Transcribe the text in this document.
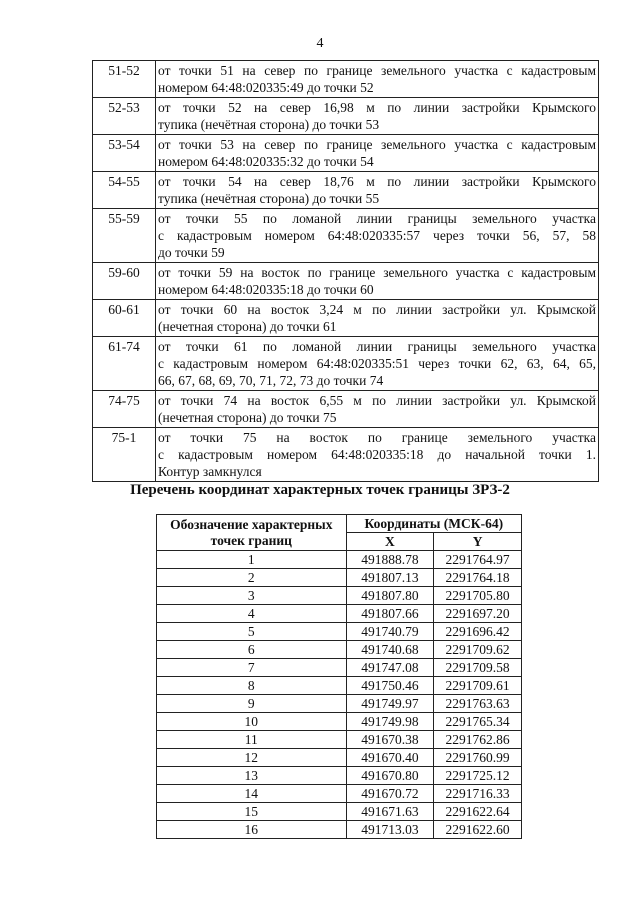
4
51-52	от точки 51 на север по границе земельного участка с кадастровым
номером 64:48:020335:49 до точки 52

52-53	от точки 52 на север 16,98 м по линии застройки Крымского
тупика (нечётная сторона) до точки 53

53-54	от точки 53 на север по границе земельного участка с кадастровым
номером 64:48:020335:32 до точки 54

54-55	от точки 54 на север 18,76 м по линии застройки Крымского
тупика (нечётная сторона) до точки 55

55-59	от точки 55 по ломаной линии границы земельного участка
с кадастровым номером 64:48:020335:57 через точки 56, 57, 58
до точки 59

59-60	от точки 59 на восток по границе земельного участка с кадастровым
номером 64:48:020335:18 до точки 60

60-61	от точки 60 на восток 3,24 м по линии застройки ул. Крымской
(нечетная сторона) до точки 61

61-74	от точки 61 по ломаной линии границы земельного участка
с кадастровым номером 64:48:020335:51 через точки 62, 63, 64, 65,
66, 67, 68, 69, 70, 71, 72, 73 до точки 74

74-75	от точки 74 на восток 6,55 м по линии застройки ул. Крымской
(нечетная сторона) до точки 75

75-1	от точки 75 на восток по границе земельного участка
с кадастровым номером 64:48:020335:18 до начальной точки 1.
Контур замкнулся
Перечень координат характерных точек границы ЗРЗ-2
Обозначение характерных точек границ	Координаты (МСК-64)	
	X	Y
1	491888.78	2291764.97
2	491807.13	2291764.18
3	491807.80	2291705.80
4	491807.66	2291697.20
5	491740.79	2291696.42
6	491740.68	2291709.62
7	491747.08	2291709.58
8	491750.46	2291709.61
9	491749.97	2291763.63
10	491749.98	2291765.34
11	491670.38	2291762.86
12	491670.40	2291760.99
13	491670.80	2291725.12
14	491670.72	2291716.33
15	491671.63	2291622.64
16	491713.03	2291622.60
